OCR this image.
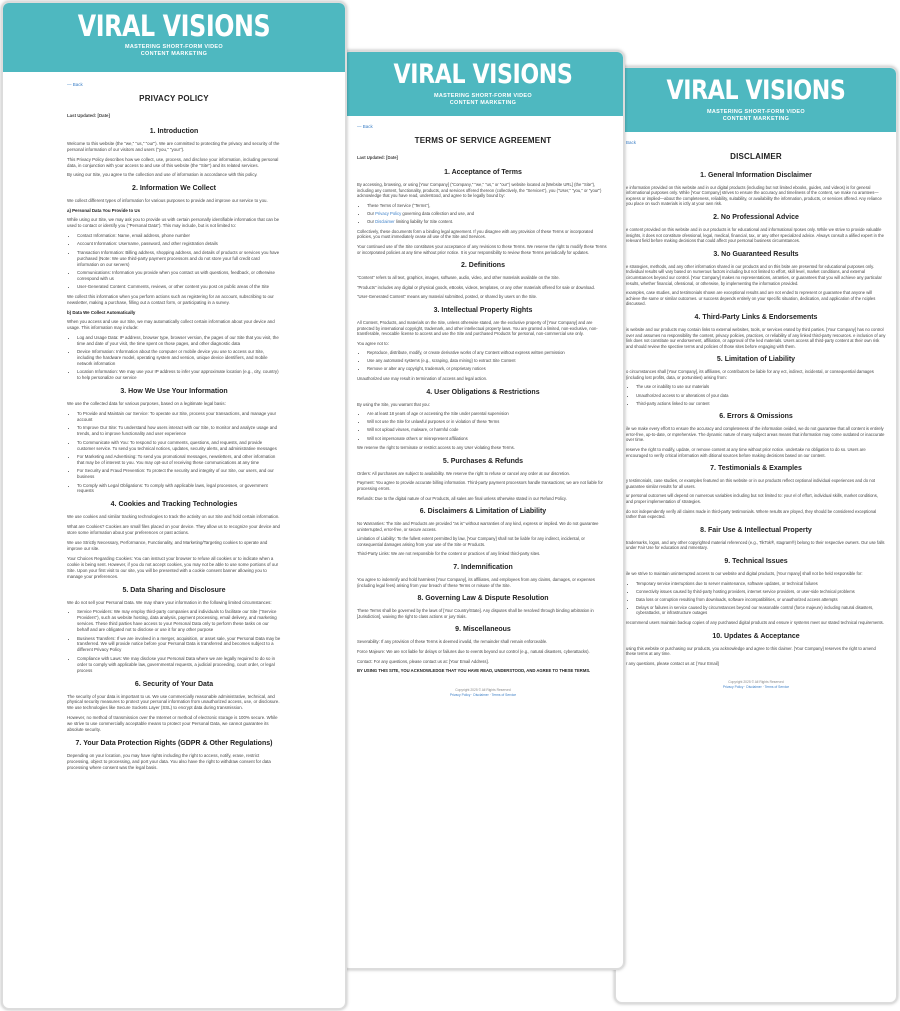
VIRAL VISIONS
MASTERING SHORT-FORM VIDEO
CONTENT MARKETING
Back
DISCLAIMER
1. General Information Disclaimer

e information provided on this website and in our digital products (including but not limited ebooks, guides, and videos) is for general informational purposes only. While [Your Company] strives to ensure the accuracy and timeliness of the content, we make no arantees—express or implied—about the completeness, reliability, suitability, or availability the information, products, or services offered. Any reliance you place on such materials is ictly at your own risk.

2. No Professional Advice

e content provided on this website and in our products is for educational and informational rposes only. While we strive to provide valuable insights, it does not constitute ofessional, legal, medical, financial, tax, or any other specialized advice. Always consult a alified expert in the relevant field before making decisions that could affect your personal business circumstances.

3. No Guaranteed Results

e strategies, methods, and any other information shared in our products and on this bsite are presented for educational purposes only. Individual results will vary based on numerous factors including but not limited to effort, skill level, market conditions, and external circumstances beyond our control. [Your Company] makes no representations, arranties, or guarantees that you will achieve any particular results, whether financial, ofessional, or otherwise, by implementing the information provided.

examples, case studies, and testimonials shown are exceptional results and are not ended to represent or guarantee that anyone will achieve the same or similar outcomes. ur success depends entirely on your specific situation, dedication, and application of the nciples discussed.

4. Third-Party Links & Endorsements

is website and our products may contain links to external websites, tools, or services erated by third parties. [Your Company] has no control over and assumes no responsibility the content, privacy policies, practices, or reliability of any linked third-party resources. e inclusion of any link does not constitute our endorsement, affiliation, or approval of the ked materials. Users access all third-party content at their own risk and should review the spective terms and policies of those sites before engaging with them.

5. Limitation of Liability

o circumstances shall [Your Company], its affiliates, or contributors be liable for any ect, indirect, incidental, or consequential damages (including lost profits, data, or portunities) arising from:

• The use or inability to use our materials
• Unauthorized access to or alterations of your data
• Third-party actions linked to our content
6. Errors & Omissions

ile we make every effort to ensure the accuracy and completeness of the information ovided, we do not guarantee that all content is entirely error-free, up-to-date, or mprehensive. The dynamic nature of many subject areas means that information may come outdated or inaccurate over time.

reserve the right to modify, update, or remove content at any time without prior notice. undertake no obligation to do so. Users are encouraged to verify critical information with ditional sources before making decisions based on our content.

7. Testimonials & Examples

y testimonials, case studies, or examples featured on this website or in our products reflect ceptional individual experiences and do not guarantee similar results for all users.

ur personal outcomes will depend on numerous variables including but not limited to: your el of effort, individual skills, market conditions, and proper implementation of strategies.

do not independently verify all claims made in third-party testimonials. Where results are ployed, they should be considered exceptional rather than expected.

8. Fair Use & Intellectual Property

trademarks, logos, and any other copyrighted material referenced (e.g., TikTok®, stagram®) belong to their respective owners. Our use falls under Fair Use for education and mmentary.

9. Technical Issues

ile we strive to maintain uninterrupted access to our website and digital products, [Your mpany] shall not be held responsible for:

• Temporary service interruptions due to server maintenance, software updates, or technical failures
• Connectivity issues caused by third-party hosting providers, internet service providers, or user-side technical problems
• Data loss or corruption resulting from downloads, software incompatibilities, or unauthorized access attempts
• Delays or failures in service caused by circumstances beyond our reasonable control (force majeure) including natural disasters, cyberattacks, or infrastructure outages

recommend users maintain backup copies of any purchased digital products and ensure ir systems meet our stated technical requirements.

10. Updates & Acceptance

using this website or purchasing our products, you acknowledge and agree to this claimer. [Your Company] reserves the right to amend these terms at any time.

r any questions, please contact us at: [Your Email]

Copyright 2025 © All Rights Reserved
Privacy Policy · Disclaimer · Terms of Service
VIRAL VISIONS
MASTERING SHORT-FORM VIDEO
CONTENT MARKETING
— Back
TERMS OF SERVICE AGREEMENT
Last Updated: [Date]
1. Acceptance of Terms

By accessing, browsing, or using [Your Company] ("Company," "we," "us," or "our") website located at [Website URL] (the "Site"), including any content, functionality, products, and services offered thereon (collectively, the "Services"), you ("User," "you," or "your") acknowledge that you have read, understood, and agree to be legally bound by:

• These Terms of Service ("Terms"),
• Our Privacy Policy governing data collection and use, and
• Our Disclaimer limiting liability for Site content.

Collectively, these documents form a binding legal agreement. If you disagree with any provision of these Terms or incorporated policies, you must immediately cease all use of the Site and Services.

Your continued use of the Site constitutes your acceptance of any revisions to these Terms. We reserve the right to modify these Terms or incorporated policies at any time without prior notice. It is your responsibility to review these Terms periodically for updates.

2. Definitions

"Content" refers to all text, graphics, images, software, audio, video, and other materials available on the Site.

"Products" includes any digital or physical goods, eBooks, videos, templates, or any other materials offered for sale or download.

"User-Generated Content" means any material submitted, posted, or shared by users on the Site.

3. Intellectual Property Rights

All Content, Products, and materials on the Site, unless otherwise stated, are the exclusive property of [Your Company] and are protected by international copyright, trademark, and other intellectual property laws. You are granted a limited, non-exclusive, non-transferable, revocable license to access and use the Site and purchased Products for personal, non-commercial use only.

You agree not to:

• Reproduce, distribute, modify, or create derivative works of any Content without express written permission
• Use any automated systems (e.g., scraping, data mining) to extract Site Content
• Remove or alter any copyright, trademark, or proprietary notices

Unauthorized use may result in termination of access and legal action.

4. User Obligations & Restrictions

By using the Site, you warrant that you:

• Are at least 18 years of age or accessing the Site under parental supervision
• Will not use the Site for unlawful purposes or in violation of these Terms
• Will not upload viruses, malware, or harmful code
• Will not impersonate others or misrepresent affiliations

We reserve the right to terminate or restrict access to any User violating these Terms.

5. Purchases & Refunds

Orders: All purchases are subject to availability. We reserve the right to refuse or cancel any order at our discretion.

Payment: You agree to provide accurate billing information. Third-party payment processors handle transactions; we are not liable for processing errors.

Refunds: Due to the digital nature of our Products, all sales are final unless otherwise stated in our Refund Policy.

6. Disclaimers & Limitation of Liability

No Warranties: The Site and Products are provided "as is" without warranties of any kind, express or implied. We do not guarantee uninterrupted, error-free, or secure access.

Limitation of Liability: To the fullest extent permitted by law, [Your Company] shall not be liable for any indirect, incidental, or consequential damages arising from your use of the Site or Products.

Third-Party Links: We are not responsible for the content or practices of any linked third-party sites.

7. Indemnification

You agree to indemnify and hold harmless [Your Company], its affiliates, and employees from any claims, damages, or expenses (including legal fees) arising from your breach of these Terms or misuse of the Site.

8. Governing Law & Dispute Resolution

These Terms shall be governed by the laws of [Your Country/State]. Any disputes shall be resolved through binding arbitration in [Jurisdiction], waiving the right to class actions or jury trials.

9. Miscellaneous

Severability: If any provision of these Terms is deemed invalid, the remainder shall remain enforceable.

Force Majeure: We are not liable for delays or failures due to events beyond our control (e.g., natural disasters, cyberattacks).

Contact: For any questions, please contact us at: [Your Email Address].

BY USING THIS SITE, YOU ACKNOWLEDGE THAT YOU HAVE READ, UNDERSTOOD, AND AGREE TO THESE TERMS.

Copyright 2025 © All Rights Reserved
Privacy Policy · Disclaimer · Terms of Service
VIRAL VISIONS
MASTERING SHORT-FORM VIDEO
CONTENT MARKETING
— Back
PRIVACY POLICY
Last Updated: [Date]
1. Introduction

Welcome to this website (the "we," "us," "our"). We are committed to protecting the privacy and security of the personal information of our visitors and users ("you," "your").

This Privacy Policy describes how we collect, use, process, and disclose your information, including personal data, in conjunction with your access to and use of this website (the "Site") and its related services.

By using our Site, you agree to the collection and use of information in accordance with this policy.

2. Information We Collect

We collect different types of information for various purposes to provide and improve our service to you.

a) Personal Data You Provide to Us

While using our Site, we may ask you to provide us with certain personally identifiable information that can be used to contact or identify you ("Personal Data"). This may include, but is not limited to:

• Contact Information: Name, email address, phone number
• Account Information: Username, password, and other registration details
• Transaction Information: Billing address, shopping address, and details of products or services you have purchased (Note: We use third-party payment processors and do not store your full credit card information on our servers)
• Communications: Information you provide when you contact us with questions, feedback, or otherwise correspond with us
• User-Generated Content: Comments, reviews, or other content you post on public areas of the Site

We collect this information when you perform actions such as registering for an account, subscribing to our newsletter, making a purchase, filling out a contact form, or participating in a survey.

b) Data We Collect Automatically

When you access and use our Site, we may automatically collect certain information about your device and usage. This information may include:

• Log and Usage Data: IP address, browser type, browser version, the pages of our Site that you visit, the time and date of your visit, the time spent on those pages, and other diagnostic data
• Device Information: Information about the computer or mobile device you use to access our Site, including the hardware model, operating system and version, unique device identifiers, and mobile network information
• Location Information: We may use your IP address to infer your approximate location (e.g., city, country) to help personalize our service
3. How We Use Your Information

We use the collected data for various purposes, based on a legitimate legal basis:

• To Provide and Maintain our Service: To operate our Site, process your transactions, and manage your account
• To Improve Our Site: To understand how users interact with our Site, to monitor and analyze usage and trends, and to improve functionality and user experience
• To Communicate with You: To respond to your comments, questions, and requests, and provide customer service. To send you technical notices, updates, security alerts, and administrative messages
• For Marketing and Advertising: To send you promotional messages, newsletters, and other information that may be of interest to you. You may opt-out of receiving these communications at any time
• For Security and Fraud Prevention: To protect the security and integrity of our Site, our users, and our business
• To Comply with Legal Obligations: To comply with applicable laws, legal processes, or government requests
4. Cookies and Tracking Technologies

We use cookies and similar tracking technologies to track the activity on our Site and hold certain information.

What are Cookies? Cookies are small files placed on your device. They allow us to recognize your device and store some information about your preferences or past actions.

We use Strictly Necessary, Performance, Functionality, and Marketing/Targeting cookies to operate and improve our site.

Your Choices Regarding Cookies: You can instruct your browser to refuse all cookies or to indicate when a cookie is being sent. However, if you do not accept cookies, you may not be able to use some portions of our Site. Upon your first visit to our site, you will be presented with a cookie consent banner allowing you to manage your preferences.

5. Data Sharing and Disclosure

We do not sell your Personal Data. We may share your information in the following limited circumstances:

• Service Providers: We may employ third-party companies and individuals to facilitate our Site ("Service Providers"), such as website hosting, data analysis, payment processing, email delivery, and marketing services. These third parties have access to your Personal Data only to perform these tasks on our behalf and are obligated not to disclose or use it for any other purpose
• Business Transfers: If we are involved in a merger, acquisition, or asset sale, your Personal Data may be transferred. We will provide notice before your Personal Data is transferred and becomes subject to a different Privacy Policy
• Compliance with Laws: We may disclose your Personal Data where we are legally required to do so in order to comply with applicable law, governmental requests, a judicial proceeding, court order, or legal process
6. Security of Your Data

The security of your data is important to us. We use commercially reasonable administrative, technical, and physical security measures to protect your personal information from unauthorized access, use, or disclosure. We use technologies like Secure Sockets Layer (SSL) to encrypt data during transmission.

However, no method of transmission over the Internet or method of electronic storage is 100% secure. While we strive to use commercially acceptable means to protect your Personal Data, we cannot guarantee its absolute security.

7. Your Data Protection Rights (GDPR & Other Regulations)

Depending on your location, you may have rights including the right to access, notify, erase, restrict processing, object to processing, and port your data. You also have the right to withdraw consent for data processing where consent was the legal basis.
